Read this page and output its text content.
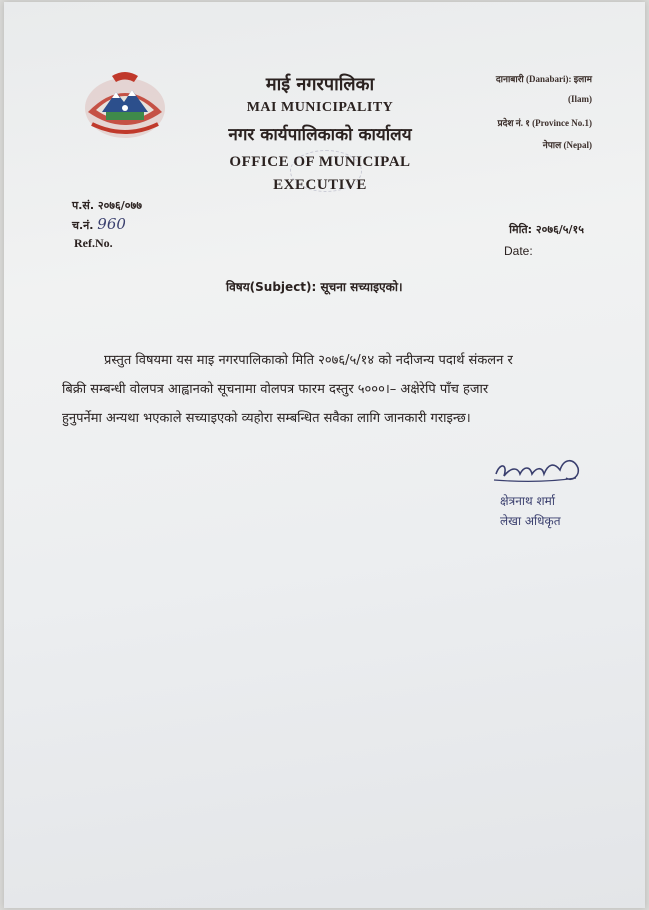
माई नगरपालिका
MAI MUNICIPALITY
नगर कार्यपालिकाको कार्यालय
OFFICE OF MUNICIPAL
EXECUTIVE
दानाबारी (Danabari): इलाम
(Ilam)
प्रदेश नं. १ (Province No.1)
नेपाल (Nepal)
प.सं. २०७६/०७७
च.नं. 960
Ref.No.
मिति: २०७६/५/१५
Date:
विषय(Subject): सूचना सच्याइएको।
प्रस्तुत विषयमा यस माइ नगरपालिकाको मिति २०७६/५/१४ को नदीजन्य पदार्थ संकलन र
बिक्री सम्बन्धी वोलपत्र आह्वानको सूचनामा वोलपत्र फारम दस्तुर ५०००।– अक्षेरेपि पाँच हजार
हुनुपर्नेमा अन्यथा भएकाले सच्याइएको व्यहोरा सम्बन्धित सवैका लागि जानकारी गराइन्छ।
क्षेत्रनाथ शर्मा
लेखा अधिकृत
